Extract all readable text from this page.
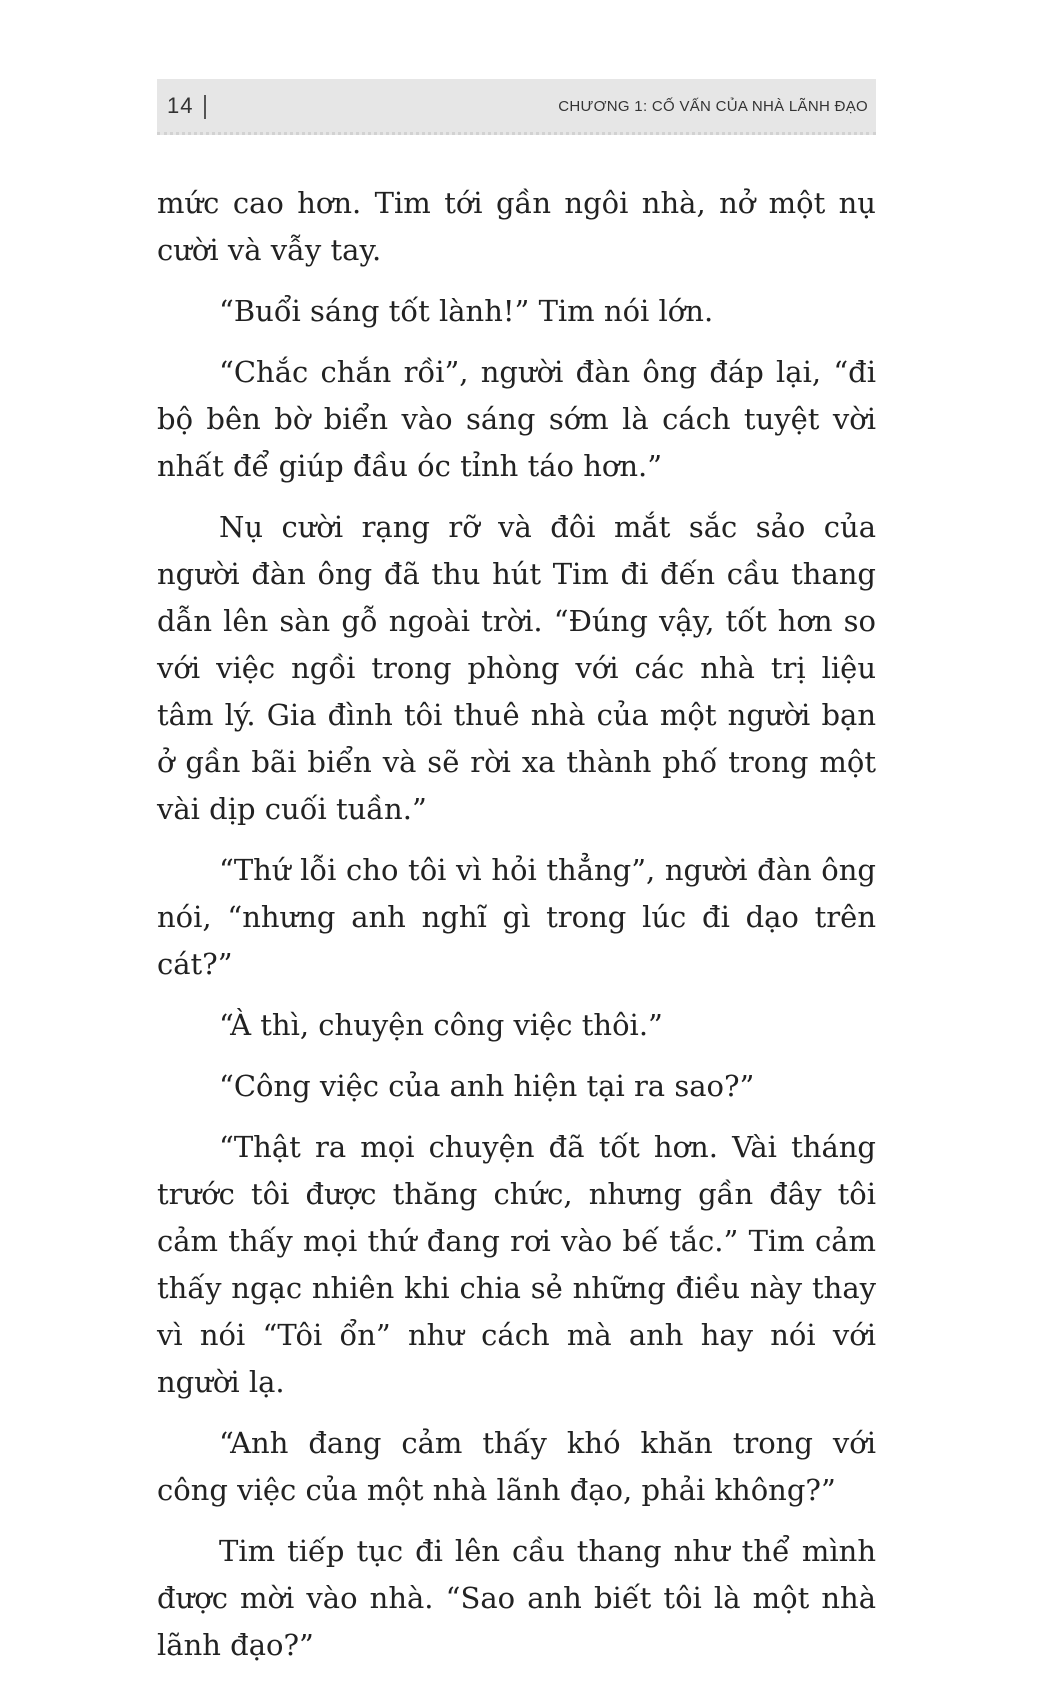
14	CHƯƠNG 1: CỐ VẤN CỦA NHÀ LÃNH ĐẠO

mức cao hơn. Tim tới gần ngôi nhà, nở một nụ cười và vẫy tay.

“Buổi sáng tốt lành!” Tim nói lớn.

“Chắc chắn rồi”, người đàn ông đáp lại, “đi bộ bên bờ biển vào sáng sớm là cách tuyệt vời nhất để giúp đầu óc tỉnh táo hơn.”

Nụ cười rạng rỡ và đôi mắt sắc sảo của người đàn ông đã thu hút Tim đi đến cầu thang dẫn lên sàn gỗ ngoài trời. “Đúng vậy, tốt hơn so với việc ngồi trong phòng với các nhà trị liệu tâm lý. Gia đình tôi thuê nhà của một người bạn ở gần bãi biển và sẽ rời xa thành phố trong một vài dịp cuối tuần.”

“Thứ lỗi cho tôi vì hỏi thẳng”, người đàn ông nói, “nhưng anh nghĩ gì trong lúc đi dạo trên cát?”

“À thì, chuyện công việc thôi.”

“Công việc của anh hiện tại ra sao?”

“Thật ra mọi chuyện đã tốt hơn. Vài tháng trước tôi được thăng chức, nhưng gần đây tôi cảm thấy mọi thứ đang rơi vào bế tắc.” Tim cảm thấy ngạc nhiên khi chia sẻ những điều này thay vì nói “Tôi ổn” như cách mà anh hay nói với người lạ.

“Anh đang cảm thấy khó khăn trong với công việc của một nhà lãnh đạo, phải không?”

Tim tiếp tục đi lên cầu thang như thể mình được mời vào nhà. “Sao anh biết tôi là một nhà lãnh đạo?”
